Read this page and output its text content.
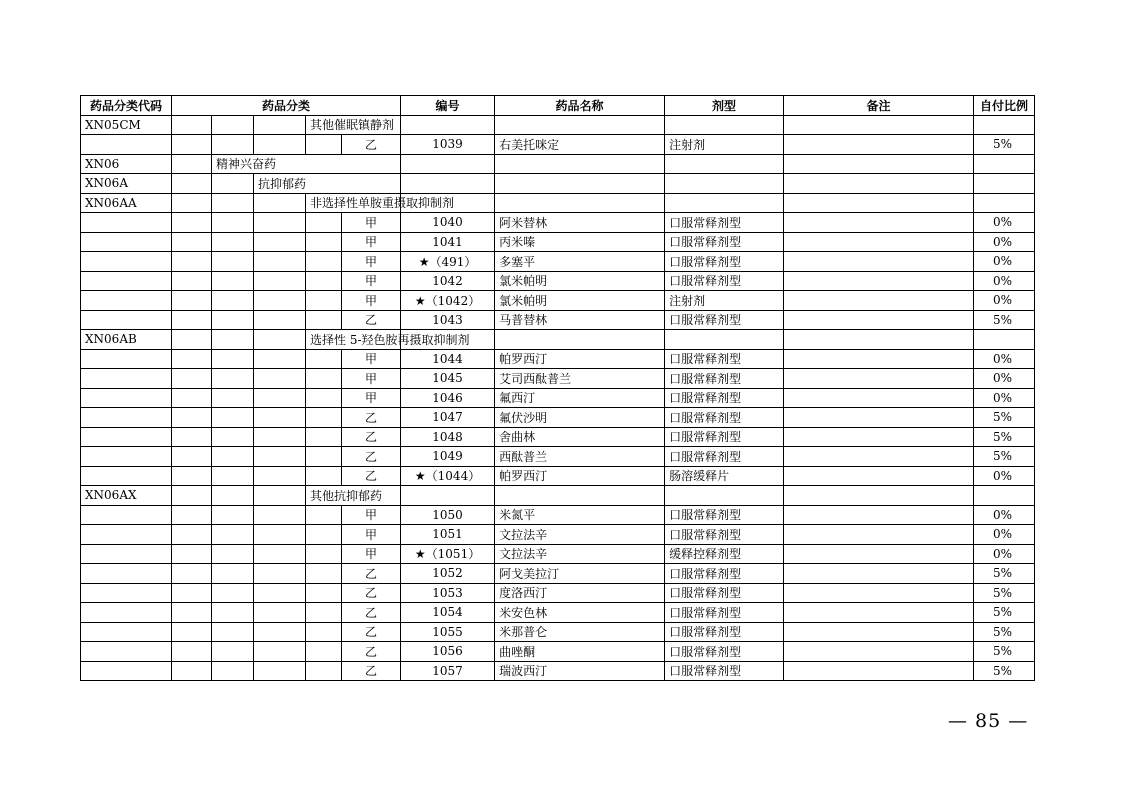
药品分类代码	药品分类					编号	药品名称	剂型	备注	自付比例
XN05CM				其他催眠镇静剂						
					乙	1039	右美托咪定	注射剂		5%
XN06		精神兴奋药								
XN06A			抗抑郁药							
XN06AA				非选择性单胺重摄取抑制剂						
					甲	1040	阿米替林	口服常释剂型		0%
					甲	1041	丙米嗪	口服常释剂型		0%
					甲	★（491）	多塞平	口服常释剂型		0%
					甲	1042	氯米帕明	口服常释剂型		0%
					甲	★（1042）	氯米帕明	注射剂		0%
					乙	1043	马普替林	口服常释剂型		5%
XN06AB				选择性 5-羟色胺再摄取抑制剂						
					甲	1044	帕罗西汀	口服常释剂型		0%
					甲	1045	艾司西酞普兰	口服常释剂型		0%
					甲	1046	氟西汀	口服常释剂型		0%
					乙	1047	氟伏沙明	口服常释剂型		5%
					乙	1048	舍曲林	口服常释剂型		5%
					乙	1049	西酞普兰	口服常释剂型		5%
					乙	★（1044）	帕罗西汀	肠溶缓释片		0%
XN06AX				其他抗抑郁药						
					甲	1050	米氮平	口服常释剂型		0%
					甲	1051	文拉法辛	口服常释剂型		0%
					甲	★（1051）	文拉法辛	缓释控释剂型		0%
					乙	1052	阿戈美拉汀	口服常释剂型		5%
					乙	1053	度洛西汀	口服常释剂型		5%
					乙	1054	米安色林	口服常释剂型		5%
					乙	1055	米那普仑	口服常释剂型		5%
					乙	1056	曲唑酮	口服常释剂型		5%
					乙	1057	瑞波西汀	口服常释剂型		5%
— 85 —
